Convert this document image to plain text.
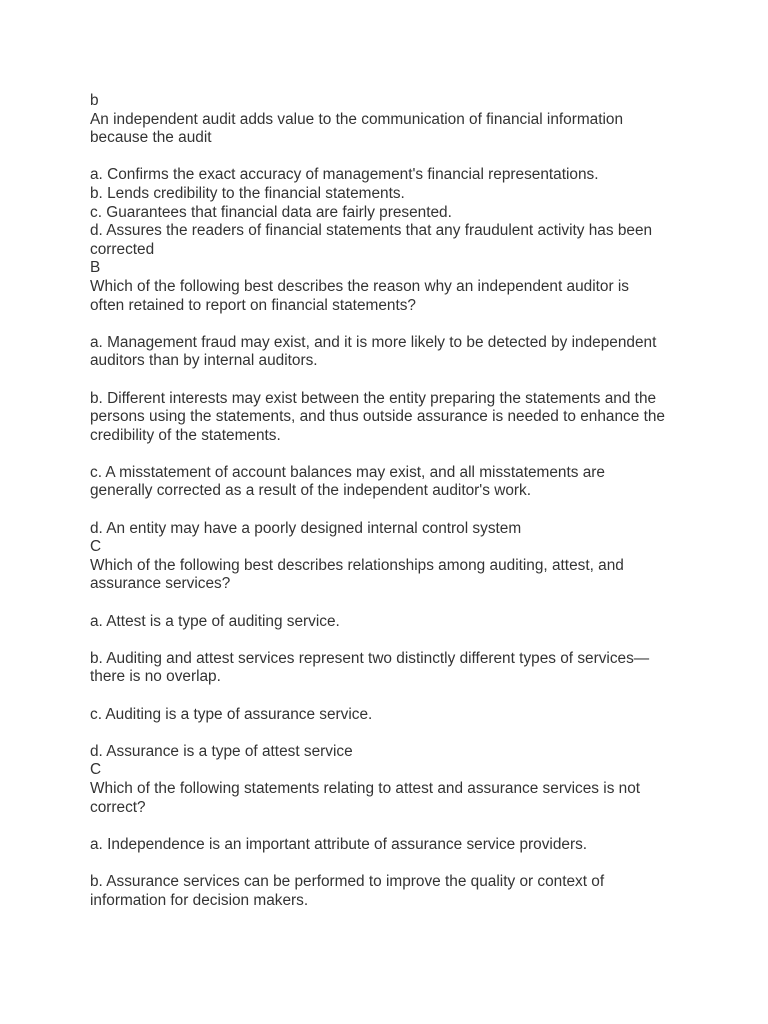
b
An independent audit adds value to the communication of financial information
because the audit
a. Confirms the exact accuracy of management's financial representations.
b. Lends credibility to the financial statements.
c. Guarantees that financial data are fairly presented.
d. Assures the readers of financial statements that any fraudulent activity has been
corrected
B
Which of the following best describes the reason why an independent auditor is
often retained to report on financial statements?
a. Management fraud may exist, and it is more likely to be detected by independent
auditors than by internal auditors.
b. Different interests may exist between the entity preparing the statements and the
persons using the statements, and thus outside assurance is needed to enhance the
credibility of the statements.
c. A misstatement of account balances may exist, and all misstatements are
generally corrected as a result of the independent auditor's work.
d. An entity may have a poorly designed internal control system
C
Which of the following best describes relationships among auditing, attest, and
assurance services?
a. Attest is a type of auditing service.
b. Auditing and attest services represent two distinctly different types of services—
there is no overlap.
c. Auditing is a type of assurance service.
d. Assurance is a type of attest service
C
Which of the following statements relating to attest and assurance services is not
correct?
a. Independence is an important attribute of assurance service providers.
b. Assurance services can be performed to improve the quality or context of
information for decision makers.
